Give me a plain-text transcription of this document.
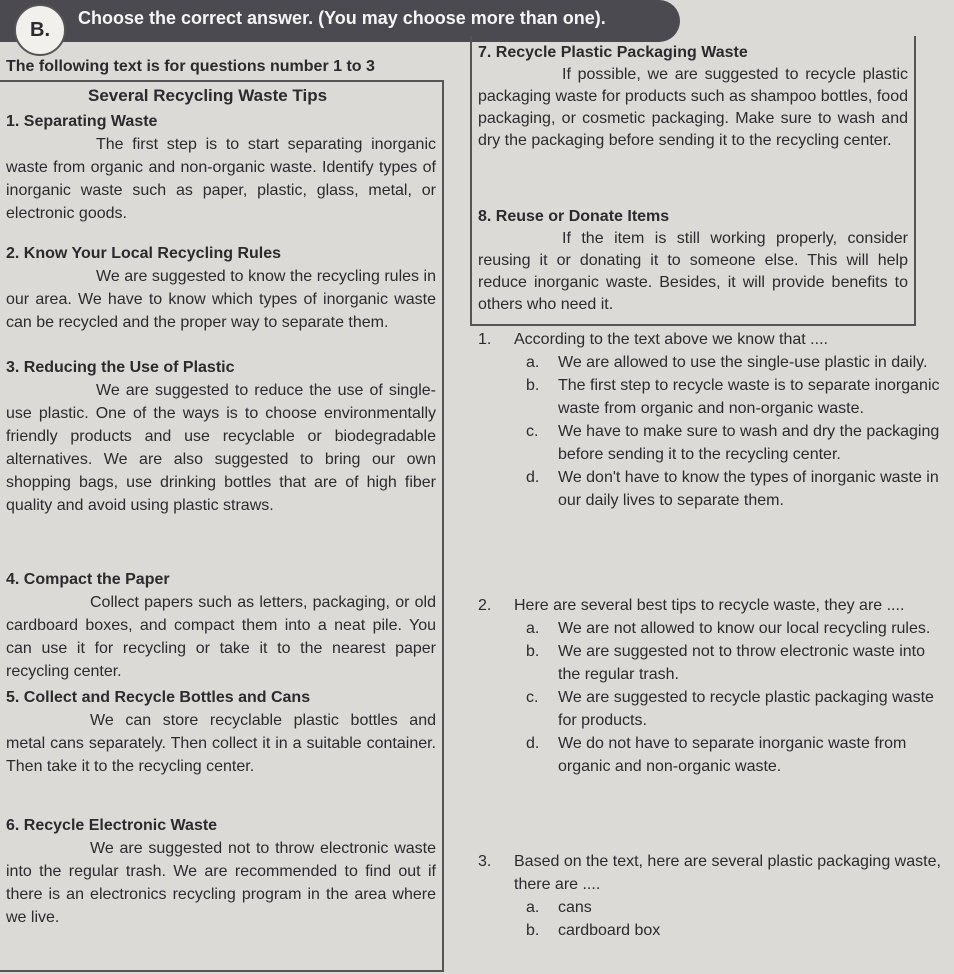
B.
Choose the correct answer. (You may choose more than one).
The following text is for questions number 1 to 3
Several Recycling Waste Tips
1. Separating Waste
The first step is to start separating inorganic waste from organic and non-organic waste. Identify types of inorganic waste such as paper, plastic, glass, metal, or electronic goods.
2. Know Your Local Recycling Rules
We are suggested to know the recycling rules in our area. We have to know which types of inorganic waste can be recycled and the proper way to separate them.
3. Reducing the Use of Plastic
We are suggested to reduce the use of single-use plastic. One of the ways is to choose environmentally friendly products and use recyclable or biodegradable alternatives. We are also suggested to bring our own shopping bags, use drinking bottles that are of high fiber quality and avoid using plastic straws.
4. Compact the Paper
Collect papers such as letters, packaging, or old cardboard boxes, and compact them into a neat pile. You can use it for recycling or take it to the nearest paper recycling center.
5. Collect and Recycle Bottles and Cans
We can store recyclable plastic bottles and metal cans separately. Then collect it in a suitable container. Then take it to the recycling center.
6. Recycle Electronic Waste
We are suggested not to throw electronic waste into the regular trash. We are recommended to find out if there is an electronics recycling program in the area where we live.
7. Recycle Plastic Packaging Waste
If possible, we are suggested to recycle plastic packaging waste for products such as shampoo bottles, food packaging, or cosmetic packaging. Make sure to wash and dry the packaging before sending it to the recycling center.
8. Reuse or Donate Items
If the item is still working properly, consider reusing it or donating it to someone else. This will help reduce inorganic waste. Besides, it will provide benefits to others who need it.
1. According to the text above we know that ....
a. We are allowed to use the single-use plastic in daily.
b. The first step to recycle waste is to separate inorganic waste from organic and non-organic waste.
c. We have to make sure to wash and dry the packaging before sending it to the recycling center.
d. We don't have to know the types of inorganic waste in our daily lives to separate them.
2. Here are several best tips to recycle waste, they are ....
a. We are not allowed to know our local recycling rules.
b. We are suggested not to throw electronic waste into the regular trash.
c. We are suggested to recycle plastic packaging waste for products.
d. We do not have to separate inorganic waste from organic and non-organic waste.
3. Based on the text, here are several plastic packaging waste, there are ....
a. cans
b. cardboard box
